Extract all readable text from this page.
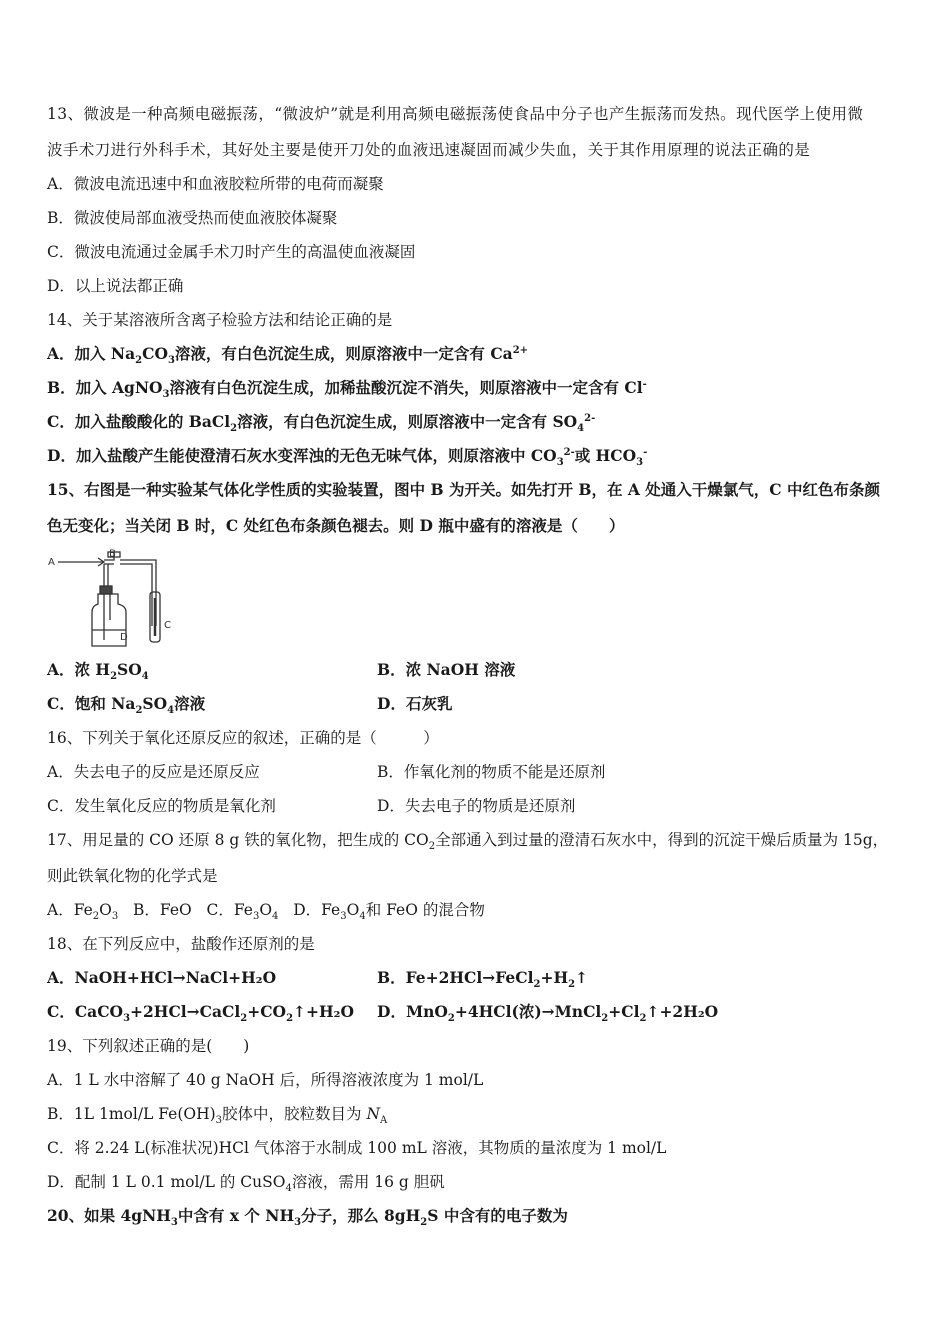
13、微波是一种高频电磁振荡，“微波炉”就是利用高频电磁振荡使食品中分子也产生振荡而发热。现代医学上使用微
波手术刀进行外科手术，其好处主要是使开刀处的血液迅速凝固而减少失血，关于其作用原理的说法正确的是
A．微波电流迅速中和血液胶粒所带的电荷而凝聚
B．微波使局部血液受热而使血液胶体凝聚
C．微波电流通过金属手术刀时产生的高温使血液凝固
D．以上说法都正确
14、关于某溶液所含离子检验方法和结论正确的是
A．加入 $Na_2CO_3$溶液，有白色沉淀生成，则原溶液中一定含有 $Ca^{2+}$
B．加入 AgNO$_3$溶液有白色沉淀生成，加稀盐酸沉淀不消失，则原溶液中一定含有 Cl-
C．加入盐酸酸化的 BaCl$_2$溶液，有白色沉淀生成，则原溶液中一定含有 $SO_4^{2-}$
D．加入盐酸产生能使澄清石灰水变浑浊的无色无味气体，则原溶液中 $CO_3^{2-}$或 $HCO_3^-$
15、右图是一种实验某气体化学性质的实验装置，图中 B 为开关。如先打开 B，在 A 处通入干燥氯气，C 中红色布条颜
色无变化；当关闭 B 时，C 处红色布条颜色褪去。则 D 瓶中盛有的溶液是（　　）
A
B
C
D
A．浓 $H_2SO_4$	B．浓 NaOH 溶液
C．饱和 $Na_2SO_4$溶液	D．石灰乳
16、下列关于氧化还原反应的叙述，正确的是（　　　）
A．失去电子的反应是还原反应	B．作氧化剂的物质不能是还原剂
C．发生氧化反应的物质是氧化剂	D．失去电子的物质是还原剂
17、用足量的 CO 还原 8 g 铁的氧化物，把生成的 $CO_2$全部通入到过量的澄清石灰水中，得到的沉淀干燥后质量为 15g，
则此铁氧化物的化学式是
A．$Fe_2O_3$ B．FeO C．$Fe_3O_4$ D．$Fe_3O_4$和 FeO 的混合物
18、在下列反应中，盐酸作还原剂的是
A．NaOH+HCl→NaCl+H₂O	B．$Fe+2HCl\to FeCl_2+H_2↑$
C．$CaCO_3+2HCl\to CaCl_2+CO_2↑+H_2O$ D．MnO$_2$+4HCl(浓)$\to MnCl_2+Cl_2↑+2H_2O$
19、下列叙述正确的是(　　)
A．1 L 水中溶解了 40 g NaOH 后，所得溶液浓度为 1 mol/L
B．1L 1mol/L $Fe(OH)_3$胶体中，胶粒数目为 $N_A$
C．将 2.24 L(标准状况)HCl 气体溶于水制成 100 mL 溶液，其物质的量浓度为 1 mol/L
D．配制 1 L 0.1 mol/L 的 CuSO$_4$溶液，需用 16 g 胆矾
20、如果 4gNH$_3$中含有 x 个 $NH_3$分子，那么 $8gH_2S$ 中含有的电子数为
